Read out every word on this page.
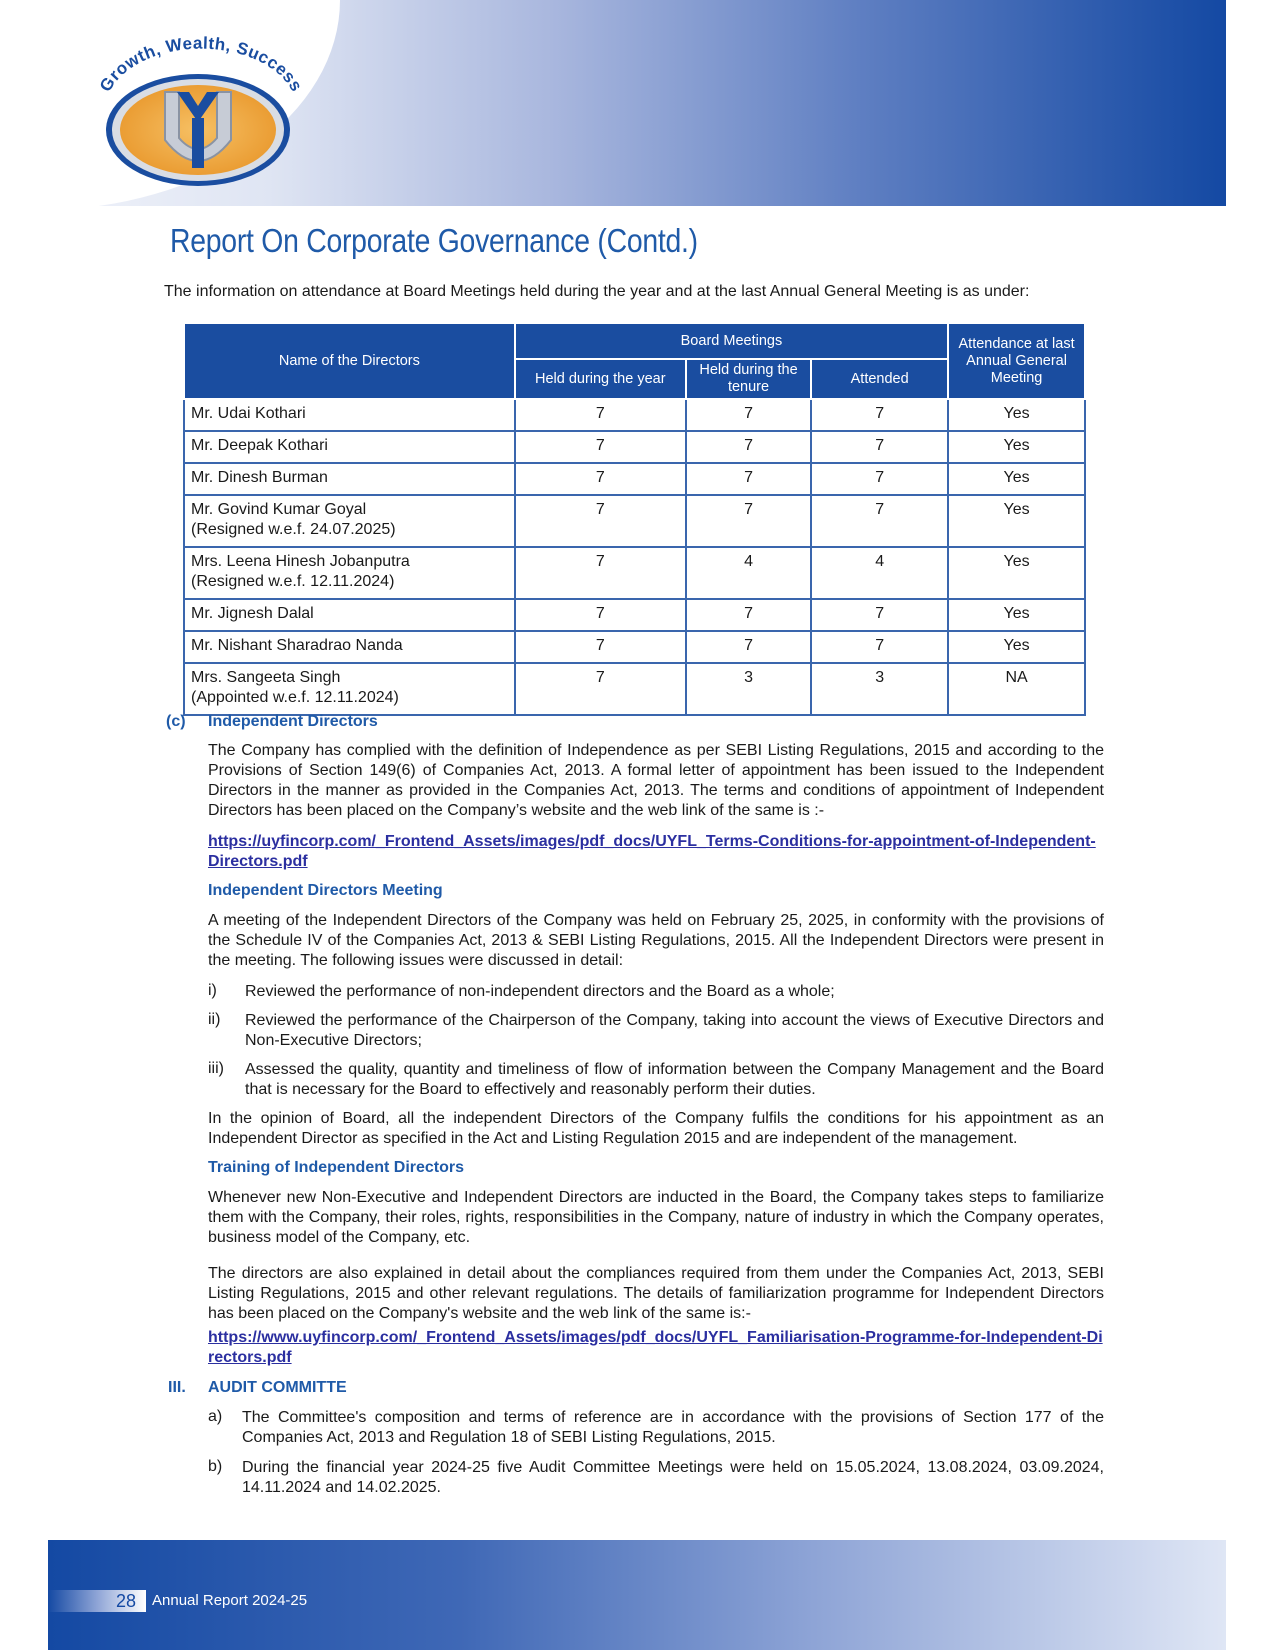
Growth, Wealth, Success
Report On Corporate Governance (Contd.)
The information on attendance at Board Meetings held during the year and at the last Annual General Meeting is as under:
Name of the Directors	Board Meetings			Attendance at last Annual General Meeting
	Held during the year	Held during the tenure	Attended	
Mr. Udai Kothari	7	7	7	Yes
Mr. Deepak Kothari	7	7	7	Yes
Mr. Dinesh Burman	7	7	7	Yes
Mr. Govind Kumar Goyal
(Resigned w.e.f. 24.07.2025)	7	7	7	Yes
Mrs. Leena Hinesh Jobanputra
(Resigned w.e.f. 12.11.2024)	7	4	4	Yes
Mr. Jignesh Dalal	7	7	7	Yes
Mr. Nishant Sharadrao Nanda	7	7	7	Yes
Mrs. Sangeeta Singh
(Appointed w.e.f. 12.11.2024)	7	3	3	NA
(c) Independent Directors
The Company has complied with the definition of Independence as per SEBI Listing Regulations, 2015 and according to the Provisions of Section 149(6) of Companies Act, 2013. A formal letter of appointment has been issued to the Independent Directors in the manner as provided in the Companies Act, 2013. The terms and conditions of appointment of Independent Directors has been placed on the Company’s website and the web link of the same is :-
https://uyfincorp.com/_Frontend_Assets/images/pdf_docs/UYFL_Terms-Conditions-for-appointment-of-Independent-Directors.pdf
Independent Directors Meeting
A meeting of the Independent Directors of the Company was held on February 25, 2025, in conformity with the provisions of the Schedule IV of the Companies Act, 2013 & SEBI Listing Regulations, 2015. All the Independent Directors were present in the meeting. The following issues were discussed in detail:
i) Reviewed the performance of non-independent directors and the Board as a whole;
ii) Reviewed the performance of the Chairperson of the Company, taking into account the views of Executive Directors and Non-Executive Directors;
iii) Assessed the quality, quantity and timeliness of flow of information between the Company Management and the Board that is necessary for the Board to effectively and reasonably perform their duties.
In the opinion of Board, all the independent Directors of the Company fulfils the conditions for his appointment as an Independent Director as specified in the Act and Listing Regulation 2015 and are independent of the management.
Training of Independent Directors
Whenever new Non-Executive and Independent Directors are inducted in the Board, the Company takes steps to familiarize them with the Company, their roles, rights, responsibilities in the Company, nature of industry in which the Company operates, business model of the Company, etc.
The directors are also explained in detail about the compliances required from them under the Companies Act, 2013, SEBI Listing Regulations, 2015 and other relevant regulations. The details of familiarization programme for Independent Directors has been placed on the Company's website and the web link of the same is:-
https://www.uyfincorp.com/_Frontend_Assets/images/pdf_docs/UYFL_Familiarisation-Programme-for-Independent-Directors.pdf
III. AUDIT COMMITTE
a) The Committee's composition and terms of reference are in accordance with the provisions of Section 177 of the Companies Act, 2013 and Regulation 18 of SEBI Listing Regulations, 2015.
b) During the financial year 2024-25 five Audit Committee Meetings were held on 15.05.2024, 13.08.2024, 03.09.2024, 14.11.2024 and 14.02.2025.
28 Annual Report 2024-25
